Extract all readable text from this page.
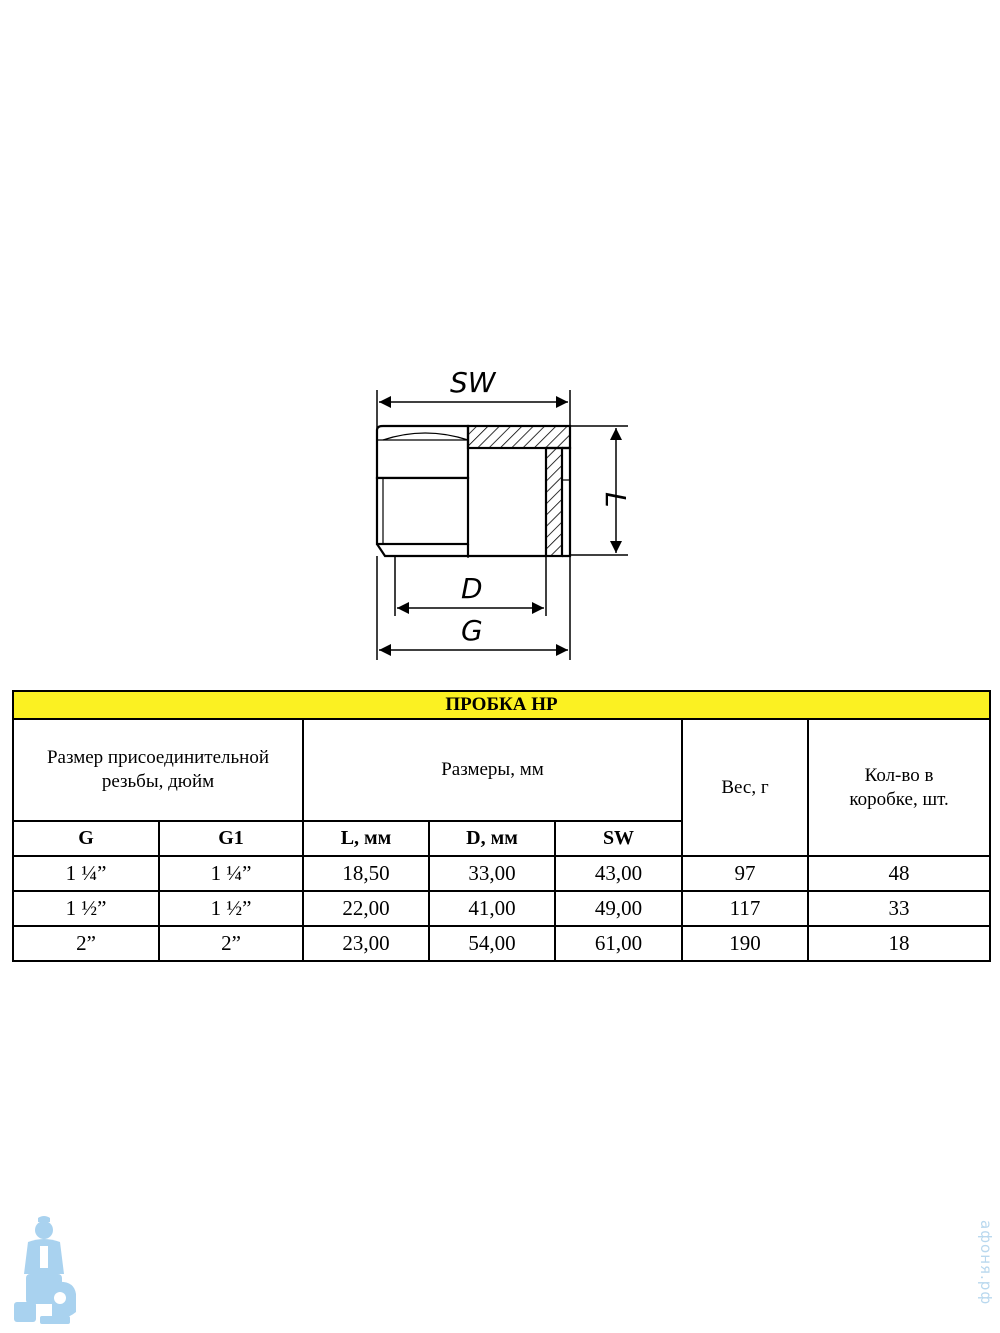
SW
L
D
G
ПРОБКА НР						
Размер присоединительной резьбы, дюйм		Размеры, мм			Вес, г	Кол-во в коробке, шт.
G	G1	L, мм	D, мм	SW		
1 ¼”	1 ¼”	18,50	33,00	43,00	97	48
1 ½”	1 ½”	22,00	41,00	49,00	117	33
2”	2”	23,00	54,00	61,00	190	18
афоня.рф
